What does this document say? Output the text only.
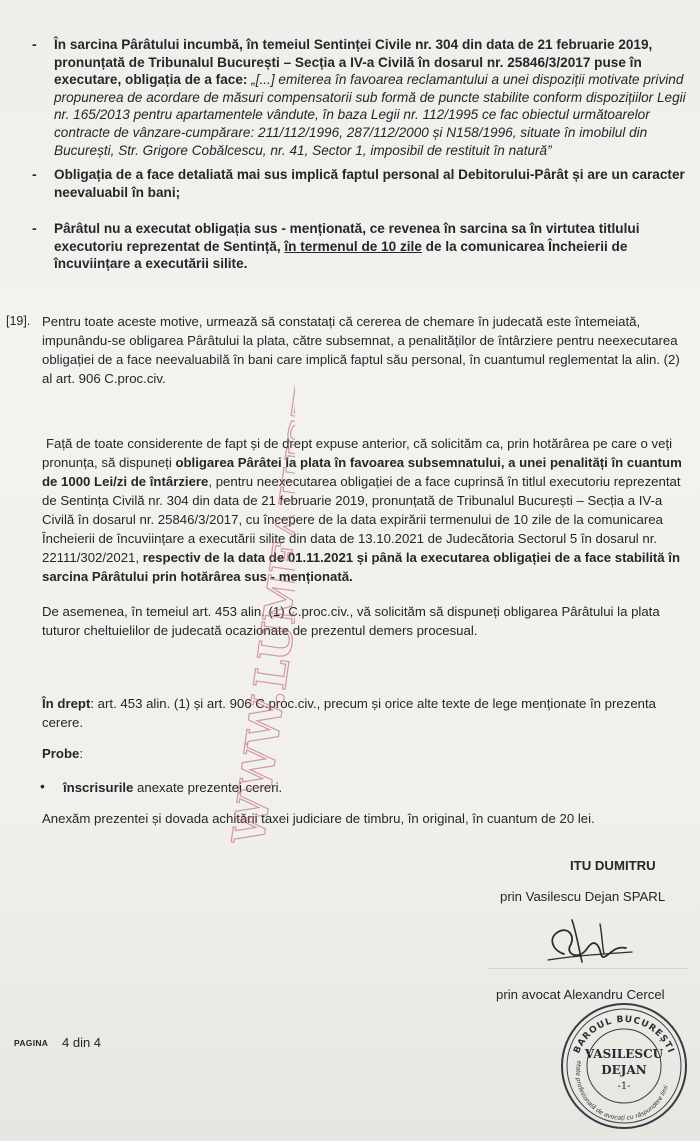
-	În sarcina Pârâtului incumbă, în temeiul Sentinței Civile nr. 304 din data de 21 februarie 2019, pronunțată de Tribunalul București – Secția a IV-a Civilă în dosarul nr. 25846/3/2017 puse în executare, obligația de a face: „[...] emiterea în favoarea reclamantului a unei dispoziții motivate privind propunerea de acordare de măsuri compensatorii sub formă de puncte stabilite conform dispozițiilor Legii nr. 165/2013 pentru apartamentele vândute, în baza Legii nr. 112/1995 ce fac obiectul următoarelor contracte de vânzare-cumpărare: 211/112/1996, 287/112/2000 și N158/1996, situate în imobilul din București, Str. Grigore Cobălcescu, nr. 41, Sector 1, imposibil de restituit în natură”
-	Obligația de a face detaliată mai sus implică faptul personal al Debitorului-Pârât și are un caracter neevaluabil în bani;
-	Pârâtul nu a executat obligația sus - menționată, ce revenea în sarcina sa în virtutea titlului executoriu reprezentat de Sentință, în termenul de 10 zile de la comunicarea Încheierii de încuviințare a executării silite.
[19]. Pentru toate aceste motive, urmează să constatați că cererea de chemare în judecată este întemeiată, impunându-se obligarea Pârâtului la plata, către subsemnat, a penalităților de întârziere pentru neexecutarea obligației de a face neevaluabilă în bani care implică faptul său personal, în cuantumul reglementat la alin. (2) al art. 906 C.proc.civ.
Față de toate considerente de fapt și de drept expuse anterior, că solicităm ca, prin hotărârea pe care o veți pronunța, să dispuneți obligarea Pârâtei la plata în favoarea subsemnatului, a unei penalități în cuantum de 1000 Lei/zi de întârziere, pentru neexecutarea obligației de a face cuprinsă în titlul executoriu reprezentat de Sentința Civilă nr. 304 din data de 21 februarie 2019, pronunțată de Tribunalul București – Secția a IV-a Civilă în dosarul nr. 25846/3/2017, cu începere de la data expirării termenului de 10 zile de la comunicarea Încheierii de încuviințare a executării silite din data de 13.10.2021 de Judecătoria Sectorul 5 în dosarul nr. 22111/302/2021, respectiv de la data de 01.11.2021 și până la executarea obligației de a face stabilită în sarcina Pârâtului prin hotărârea sus - menționată.
De asemenea, în temeiul art. 453 alin. (1) C.proc.civ., vă solicităm să dispuneți obligarea Pârâtului la plata tuturor cheltuielilor de judecată ocazionate de prezentul demers procesual.
În drept: art. 453 alin. (1) și art. 906 C.proc.civ., precum și orice alte texte de lege menționate în prezenta cerere.
Probe:
• înscrisurile anexate prezentei cereri.
Anexăm prezentei și dovada achitării taxei judiciare de timbru, în original, în cuantum de 20 lei.
ITU DUMITRU
prin Vasilescu Dejan SPARL
prin avocat Alexandru Cercel
BAROUL BUCUREȘTI
etate profesională de avocați cu răspundere limi
VASILESCU
DEJAN
-1-
WWW.LUMEAJUSTITIEI.RO
PAGINA 4 din 4
